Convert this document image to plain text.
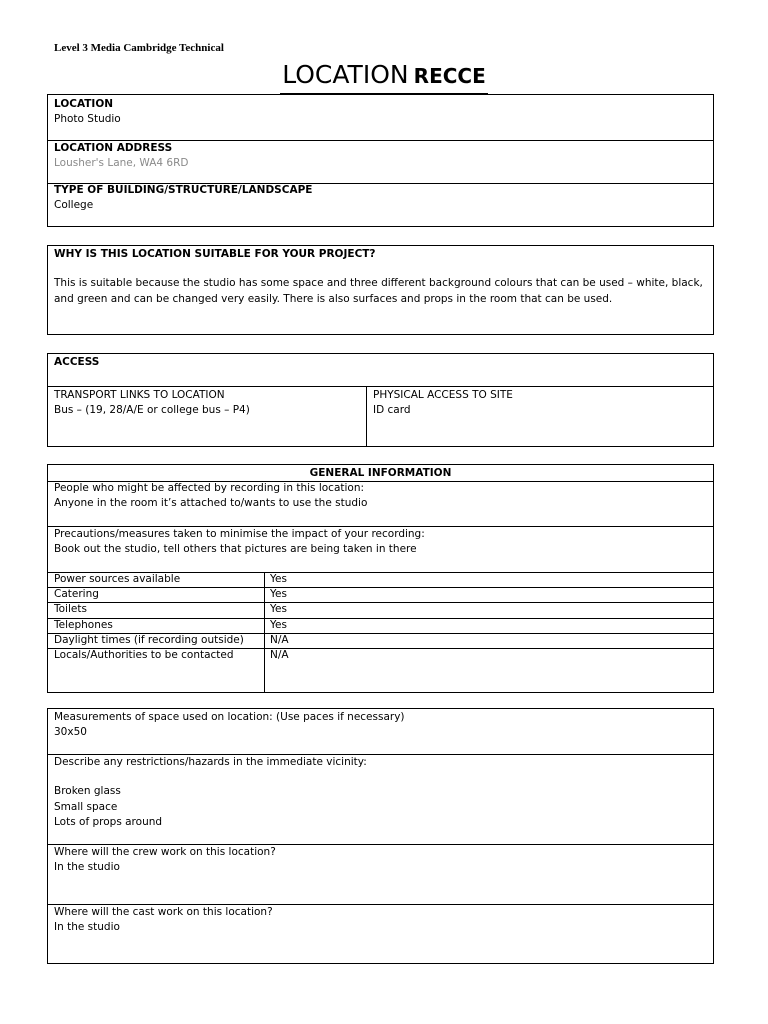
Level 3 Media Cambridge Technical
LOCATION RECCE
LOCATION
Photo Studio
LOCATION ADDRESS
Lousher's Lane, WA4 6RD
TYPE OF BUILDING/STRUCTURE/LANDSCAPE
College
WHY IS THIS LOCATION SUITABLE FOR YOUR PROJECT?
This is suitable because the studio has some space and three different background colours that can be used – white, black,
and green and can be changed very easily. There is also surfaces and props in the room that can be used.
ACCESS
TRANSPORT LINKS TO LOCATION
Bus – (19, 28/A/E or college bus – P4)
PHYSICAL ACCESS TO SITE
ID card
GENERAL INFORMATION
People who might be affected by recording in this location:
Anyone in the room it’s attached to/wants to use the studio
Precautions/measures taken to minimise the impact of your recording:
Book out the studio, tell others that pictures are being taken in there
Power sources available	Yes
Catering	Yes
Toilets	Yes
Telephones	Yes
Daylight times (if recording outside) N/A
Locals/Authorities to be contacted	N/A
Measurements of space used on location: (Use paces if necessary)
30x50
Describe any restrictions/hazards in the immediate vicinity:
Broken glass
Small space
Lots of props around
Where will the crew work on this location?
In the studio
Where will the cast work on this location?
In the studio
